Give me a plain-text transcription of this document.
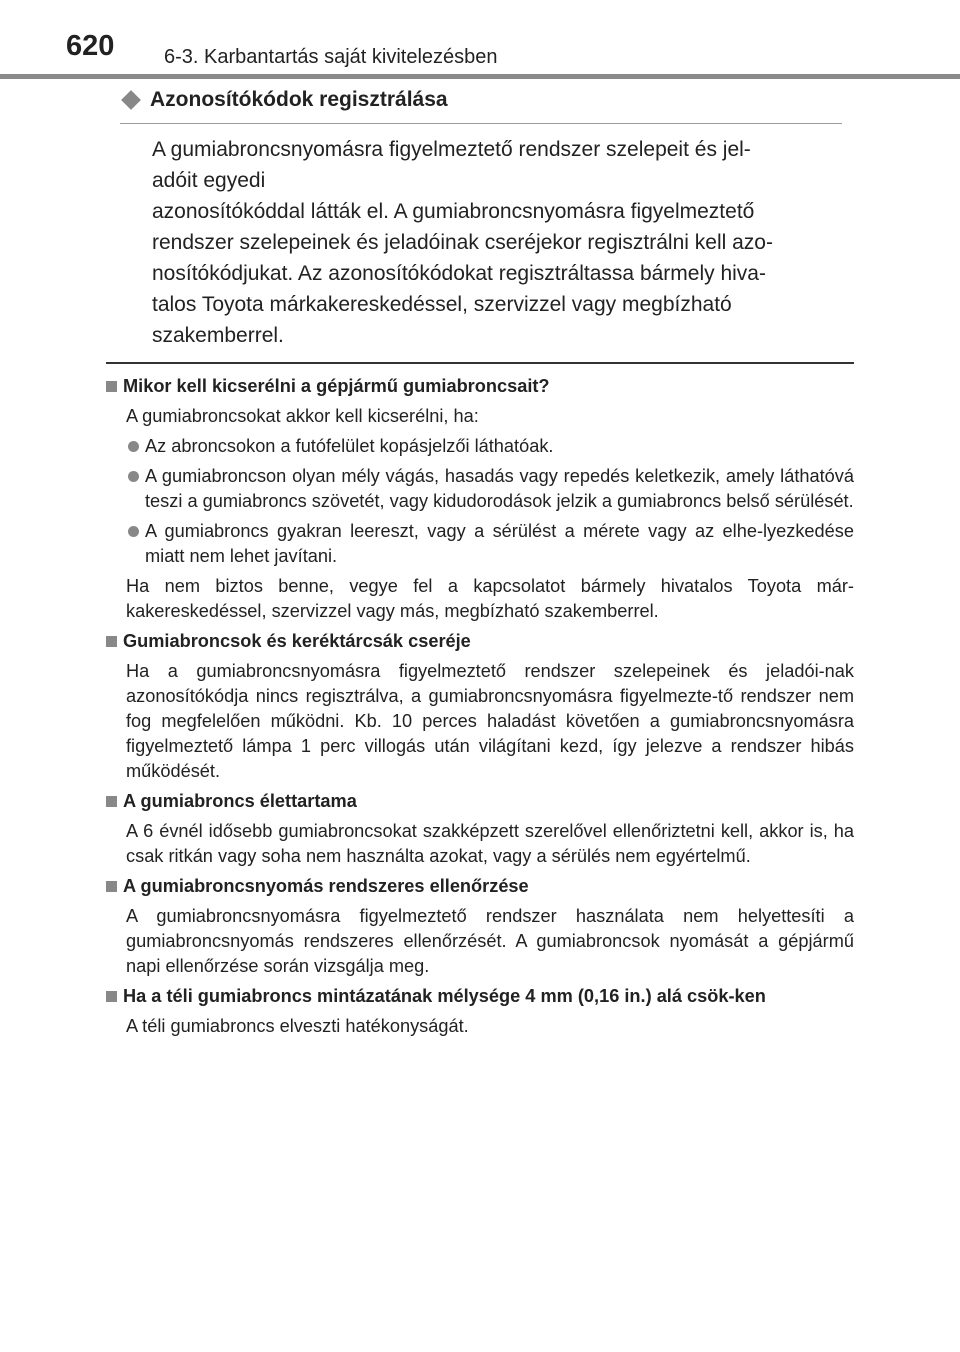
620 6-3. Karbantartás saját kivitelezésben
Azonosítókódok regisztrálása

A gumiabroncsnyomásra figyelmeztető rendszer szelepeit és jel-
adóit egyedi
azonosítókóddal látták el. A gumiabroncsnyomásra figyelmeztető
rendszer szelepeinek és jeladóinak cseréjekor regisztrálni kell azo-
nosítókódjukat. Az azonosítókódokat regisztráltassa bármely hiva-
talos Toyota márkakereskedéssel, szervizzel vagy megbízható
szakemberrel.

Mikor kell kicserélni a gépjármű gumiabroncsait?
A gumiabroncsokat akkor kell kicserélni, ha:
Az abroncsokon a futófelület kopásjelzői láthatóak.
A gumiabroncson olyan mély vágás, hasadás vagy repedés keletkezik, amely láthatóvá teszi a gumiabroncs szövetét, vagy kidudorodások jelzik a gumiabroncs belső sérülését.
A gumiabroncs gyakran leereszt, vagy a sérülést a mérete vagy az elhe-lyezkedése miatt nem lehet javítani.
Ha nem biztos benne, vegye fel a kapcsolatot bármely hivatalos Toyota már-kakereskedéssel, szervizzel vagy más, megbízható szakemberrel.
Gumiabroncsok és keréktárcsák cseréje
Ha a gumiabroncsnyomásra figyelmeztető rendszer szelepeinek és jeladói-nak azonosítókódja nincs regisztrálva, a gumiabroncsnyomásra figyelmezte-tő rendszer nem fog megfelelően működni. Kb. 10 perces haladást követően a gumiabroncsnyomásra figyelmeztető lámpa 1 perc villogás után világítani kezd, így jelezve a rendszer hibás működését.
A gumiabroncs élettartama
A 6 évnél idősebb gumiabroncsokat szakképzett szerelővel ellenőriztetni kell, akkor is, ha csak ritkán vagy soha nem használta azokat, vagy a sérülés nem egyértelmű.
A gumiabroncsnyomás rendszeres ellenőrzése
A gumiabroncsnyomásra figyelmeztető rendszer használata nem helyettesíti a gumiabroncsnyomás rendszeres ellenőrzését. A gumiabroncsok nyomását a gépjármű napi ellenőrzése során vizsgálja meg.
Ha a téli gumiabroncs mintázatának mélysége 4 mm (0,16 in.) alá csök-ken
A téli gumiabroncs elveszti hatékonyságát.
